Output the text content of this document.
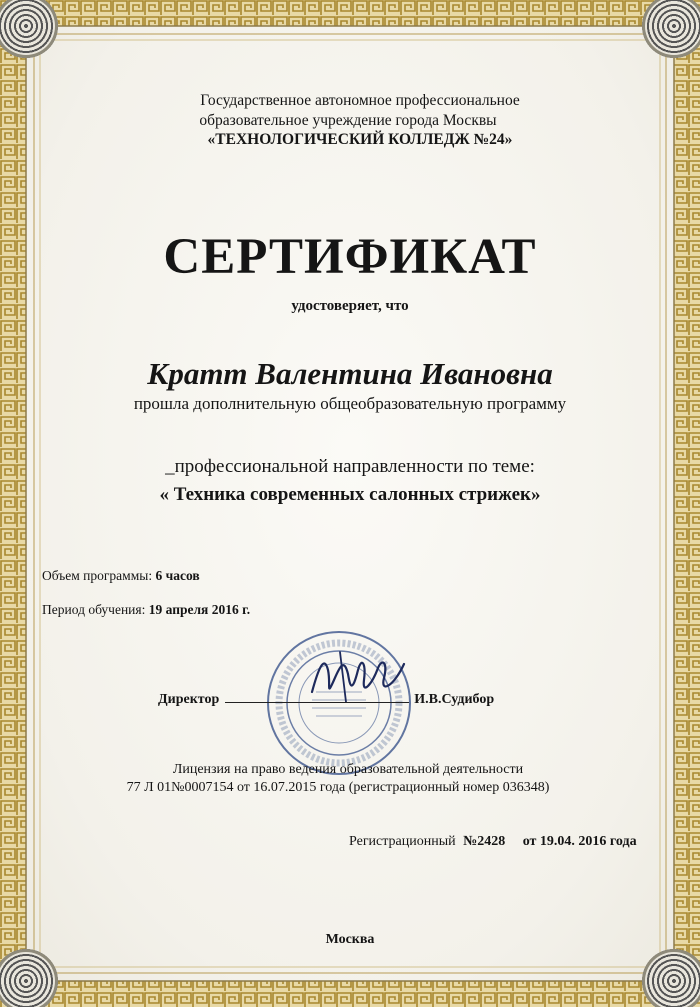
Государственное автономное профессиональное
образовательное учреждение города Москвы
«ТЕХНОЛОГИЧЕСКИЙ КОЛЛЕДЖ №24»
СЕРТИФИКАТ
удостоверяет, что
Кратт Валентина Ивановна
прошла дополнительную общеобразовательную программу
_профессиональной направленности по теме:
« Техника современных салонных стрижек»
Объем программы: 6 часов
Период обучения: 19 апреля 2016 г.
Директор	И.В.Судибор
Лицензия на право ведения образовательной деятельности
77 Л 01№0007154 от 16.07.2015 года (регистрационный номер 036348)
Регистрационный №2428 от 19.04. 2016 года
Москва
